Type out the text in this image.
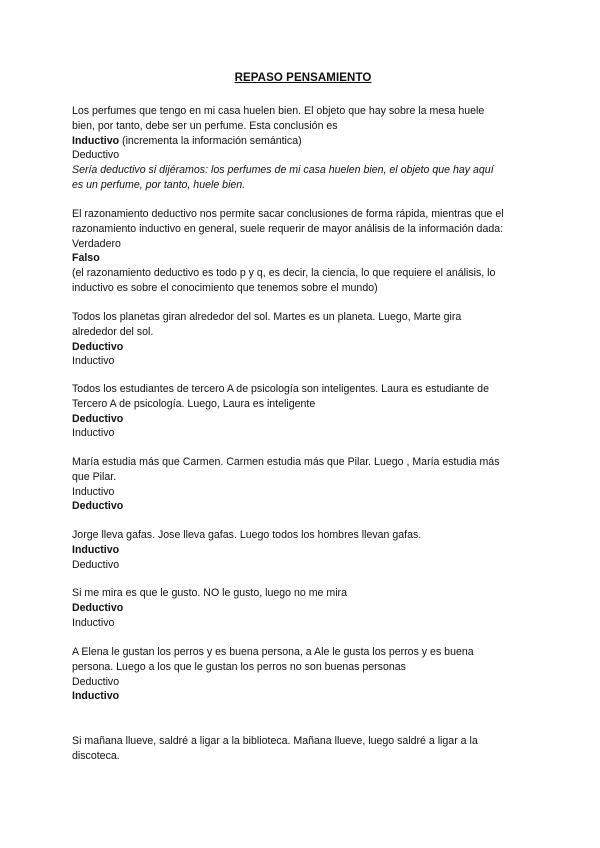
REPASO PENSAMIENTO
Los perfumes que tengo en mi casa huelen bien. El objeto que hay sobre la mesa huele
bien, por tanto, debe ser un perfume. Esta conclusión es
Inductivo (incrementa la información semántica)
Deductivo
Sería deductivo si dijéramos: los perfumes de mi casa huelen bien, el objeto que hay aquí
es un perfume, por tanto, huele bien.
El razonamiento deductivo nos permite sacar conclusiones de forma rápida, mientras que el
razonamiento inductivo en general, suele requerir de mayor análisis de la información dada:
Verdadero
Falso
(el razonamiento deductivo es todo p y q, es decir, la ciencia, lo que requiere el análisis, lo
inductivo es sobre el conocimiento que tenemos sobre el mundo)
Todos los planetas giran alrededor del sol. Martes es un planeta. Luego, Marte gira
alrededor del sol.
Deductivo
Inductivo
Todos los estudiantes de tercero A de psicología son inteligentes. Laura es estudiante de
Tercero A de psicología. Luego, Laura es inteligente
Deductivo
Inductivo
María estudia más que Carmen. Carmen estudia más que Pilar. Luego , María estudia más
que Pilar.
Inductivo
Deductivo
Jorge lleva gafas. Jose lleva gafas. Luego todos los hombres llevan gafas.
Inductivo
Deductivo
Si me mira es que le gusto. NO le gusto, luego no me mira
Deductivo
Inductivo
A Elena le gustan los perros y es buena persona, a Ale le gusta los perros y es buena
persona. Luego a los que le gustan los perros no son buenas personas
Deductivo
Inductivo
Si mañana llueve, saldré a ligar a la biblioteca. Mañana llueve, luego saldré a ligar a la
discoteca.
